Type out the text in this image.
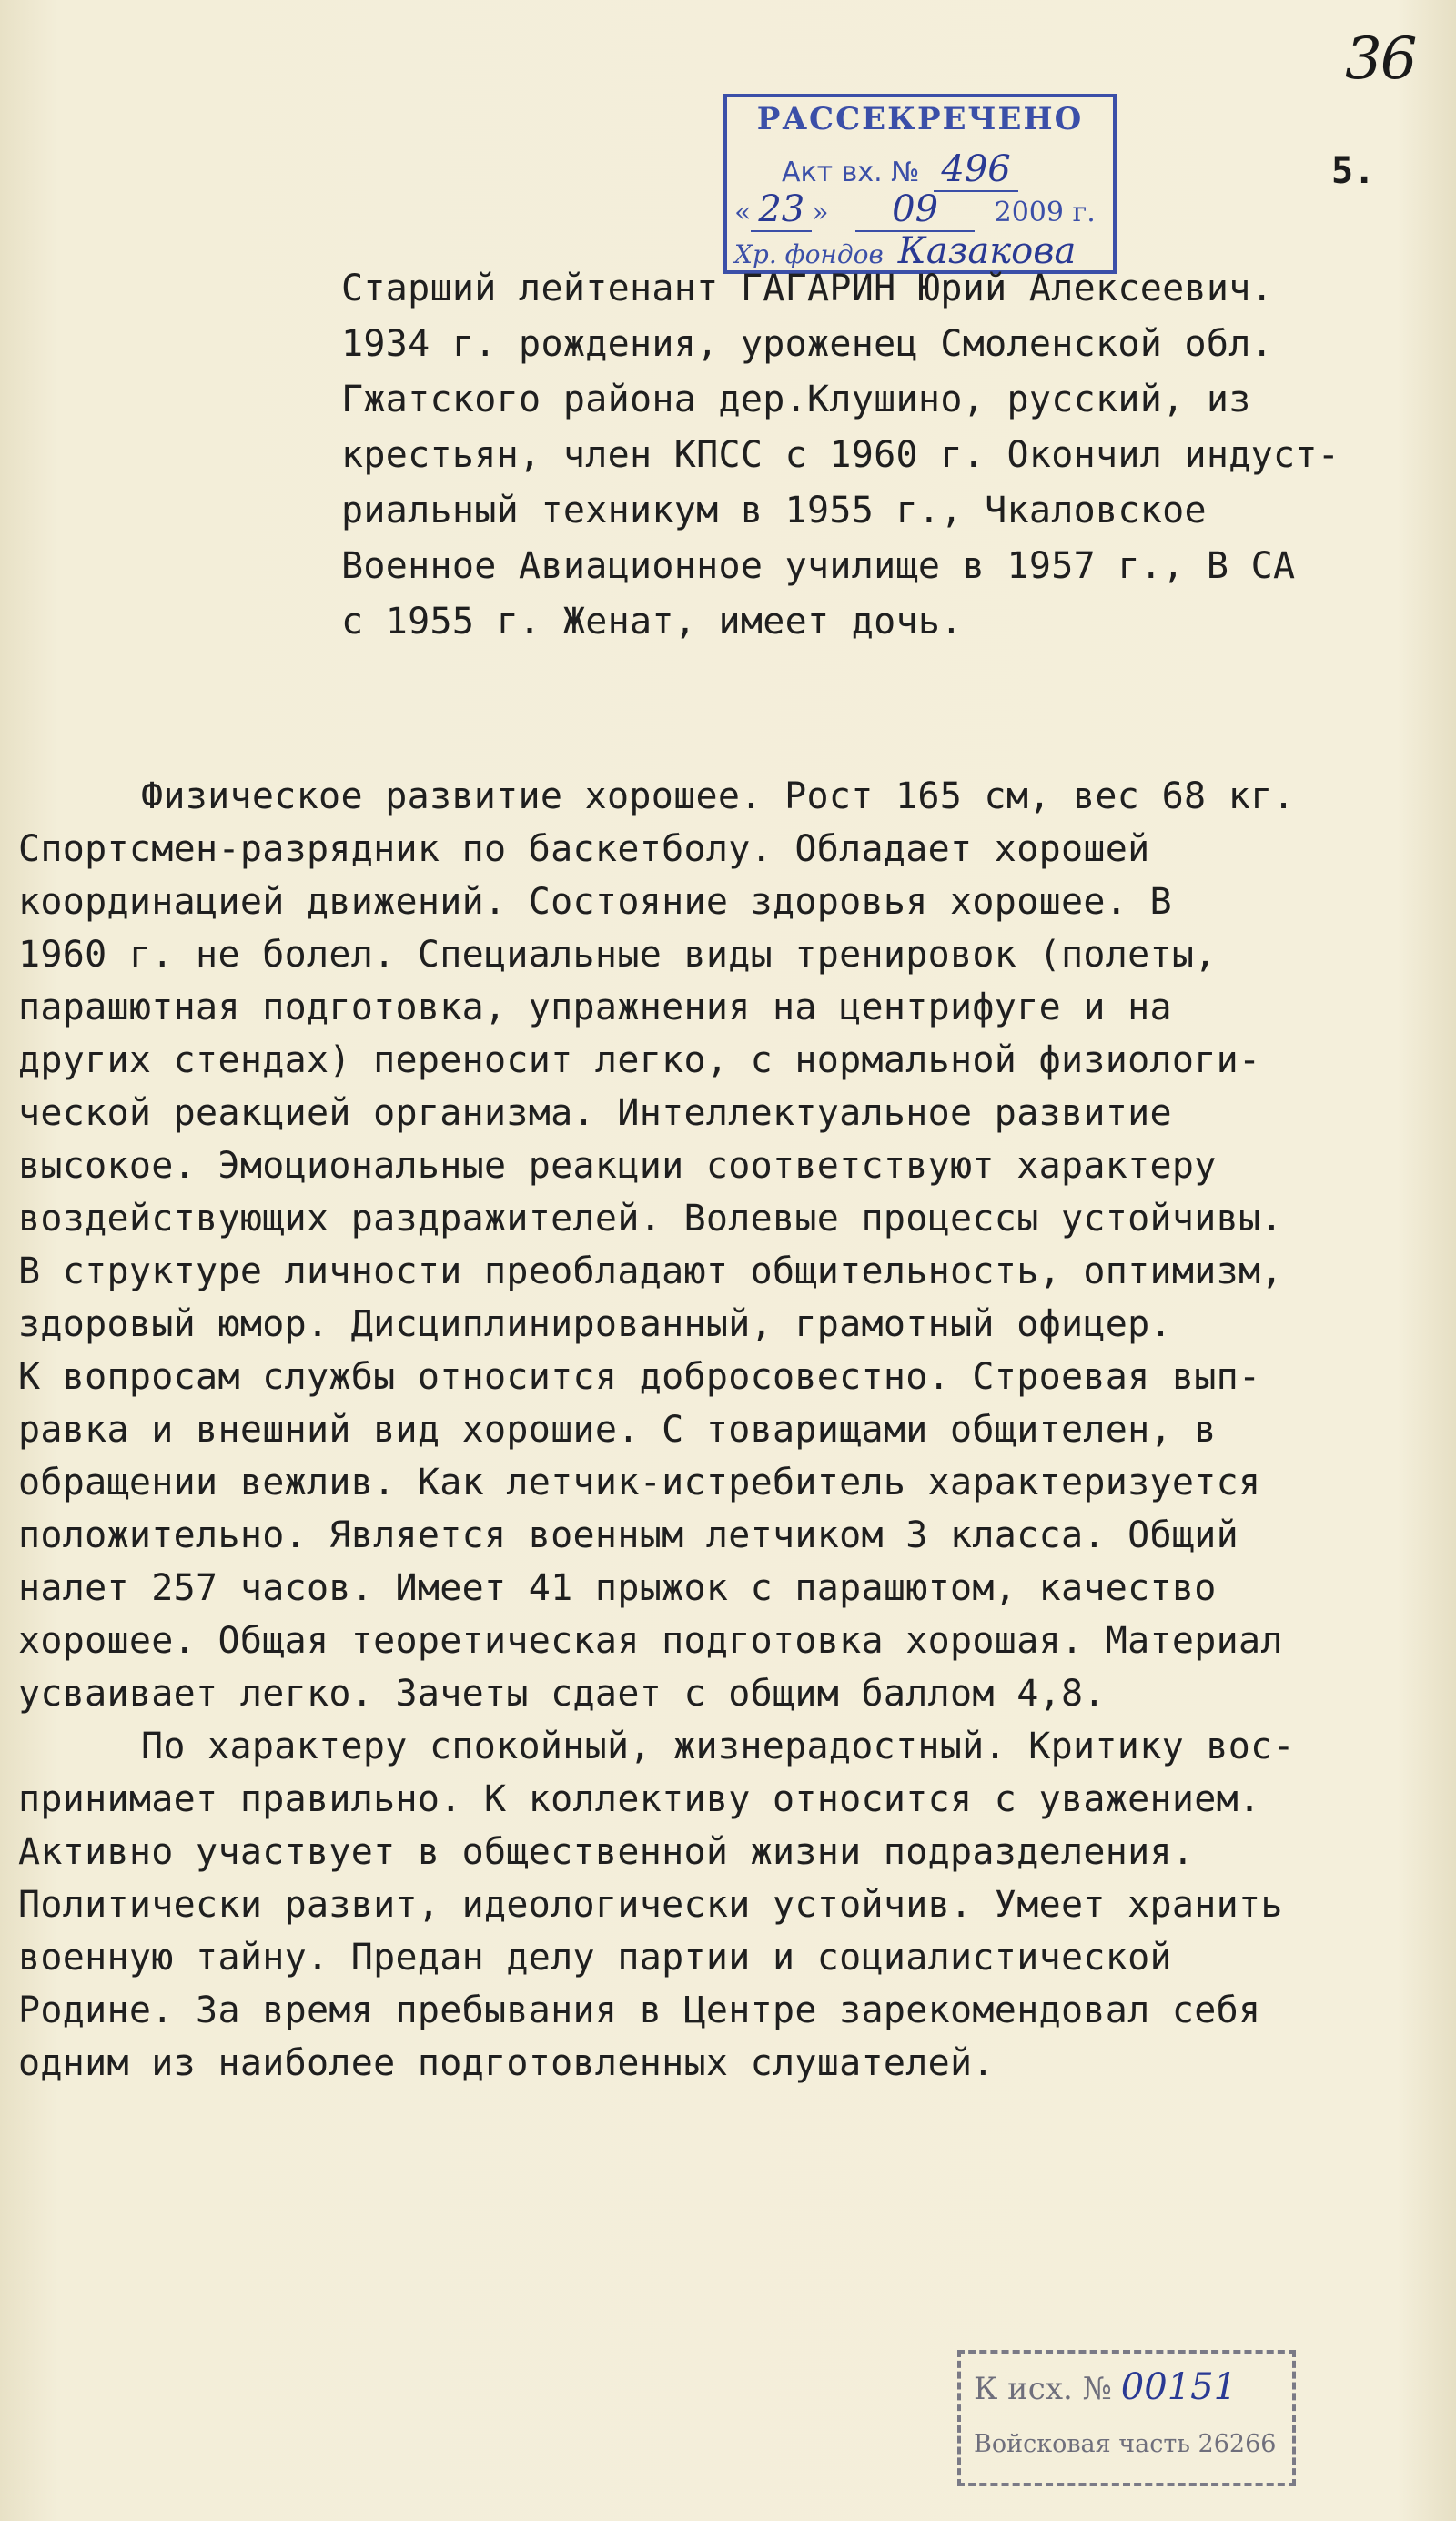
36
5.
РАССЕКРЕЧЕНО
Акт вх. № 496
« 23 » 09 2009 г.
Хр. фондов Казакова
Старший лейтенант ГАГАРИН Юрий Алексеевич.
1934 г. рождения, уроженец Смоленской обл.
Гжатского района дер.Клушино, русский, из
крестьян, член КПСС с 1960 г. Окончил индуст-
риальный техникум в 1955 г., Чкаловское
Военное Авиационное училище в 1957 г., В СА
с 1955 г. Женат, имеет дочь.
Физическое развитие хорошее. Рост 165 см, вес 68 кг.
Спортсмен-разрядник по баскетболу. Обладает хорошей
координацией движений. Состояние здоровья хорошее. В
1960 г. не болел. Специальные виды тренировок (полеты,
парашютная подготовка, упражнения на центрифуге и на
других стендах) переносит легко, с нормальной физиологи-
ческой реакцией организма. Интеллектуальное развитие
высокое. Эмоциональные реакции соответствуют характеру
воздействующих раздражителей. Волевые процессы устойчивы.
В структуре личности преобладают общительность, оптимизм,
здоровый юмор. Дисциплинированный, грамотный офицер.
К вопросам службы относится добросовестно. Строевая вып-
равка и внешний вид хорошие. С товарищами общителен, в
обращении вежлив. Как летчик-истребитель характеризуется
положительно. Является военным летчиком 3 класса. Общий
налет 257 часов. Имеет 41 прыжок с парашютом, качество
хорошее. Общая теоретическая подготовка хорошая. Материал
усваивает легко. Зачеты сдает с общим баллом 4,8.
По характеру спокойный, жизнерадостный. Критику вос-
принимает правильно. К коллективу относится с уважением.
Активно участвует в общественной жизни подразделения.
Политически развит, идеологически устойчив. Умеет хранить
военную тайну. Предан делу партии и социалистической
Родине. За время пребывания в Центре зарекомендовал себя
одним из наиболее подготовленных слушателей.
К исх. № 00151
Войсковая часть 26266
